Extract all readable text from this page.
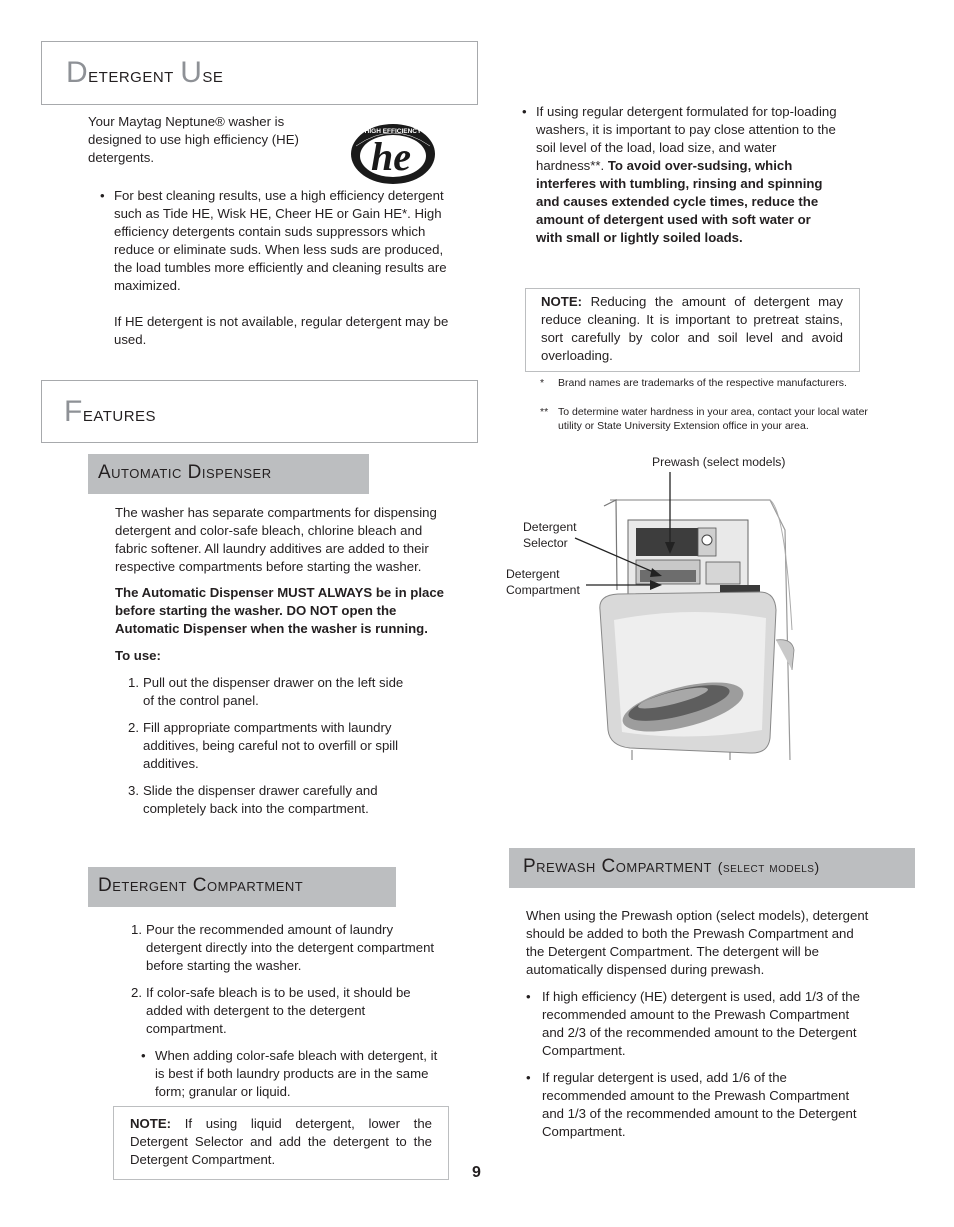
Detergent Use

Your Maytag Neptune® washer is designed to use high efficiency (HE) detergents.

HIGH EFFICIENCY
he
• For best cleaning results, use a high efficiency detergent such as Tide HE, Wisk HE, Cheer HE or Gain HE*. High efficiency detergents contain suds suppressors which reduce or eliminate suds. When less suds are produced, the load tumbles more efficiently and cleaning results are maximized.

If HE detergent is not available, regular detergent may be used.

• If using regular detergent formulated for top-loading washers, it is important to pay close attention to the soil level of the load, load size, and water hardness**. To avoid over-sudsing, which interferes with tumbling, rinsing and spinning and causes extended cycle times, reduce the amount of detergent used with soft water or with small or lightly soiled loads.

NOTE: Reducing the amount of detergent may reduce cleaning. It is important to pretreat stains, sort carefully by color and soil level and avoid overloading.

*	Brand names are trademarks of the respective manufacturers.
** To determine water hardness in your area, contact your local water utility or State University Extension office in your area.
Features
Automatic Dispenser

The washer has separate compartments for dispensing detergent and color-safe bleach, chlorine bleach and fabric softener. All laundry additives are added to their respective compartments before starting the washer.

The Automatic Dispenser MUST ALWAYS be in place before starting the washer. DO NOT open the Automatic Dispenser when the washer is running.

To use:

1. Pull out the dispenser drawer on the left side of the control panel.
2. Fill appropriate compartments with laundry additives, being careful not to overfill or spill additives.
3. Slide the dispenser drawer carefully and completely back into the compartment.
Detergent Compartment
1. Pour the recommended amount of laundry detergent directly into the detergent compartment before starting the washer.
2. If color-safe bleach is to be used, it should be added with detergent to the detergent compartment.
• When adding color-safe bleach with detergent, it is best if both laundry products are in the same form; granular or liquid.

NOTE: If using liquid detergent, lower the Detergent Selector and add the detergent to the Detergent Compartment.

9
Prewash (select models)
Detergent
Selector
Detergent
Compartment
Prewash Compartment (select models)

When using the Prewash option (select models), detergent should be added to both the Prewash Compartment and the Detergent Compartment. The detergent will be automatically dispensed during prewash.

• If high efficiency (HE) detergent is used, add 1/3 of the recommended amount to the Prewash Compartment and 2/3 of the recommended amount to the Detergent Compartment.
• If regular detergent is used, add 1/6 of the recommended amount to the Prewash Compartment and 1/3 of the recommended amount to the Detergent Compartment.
